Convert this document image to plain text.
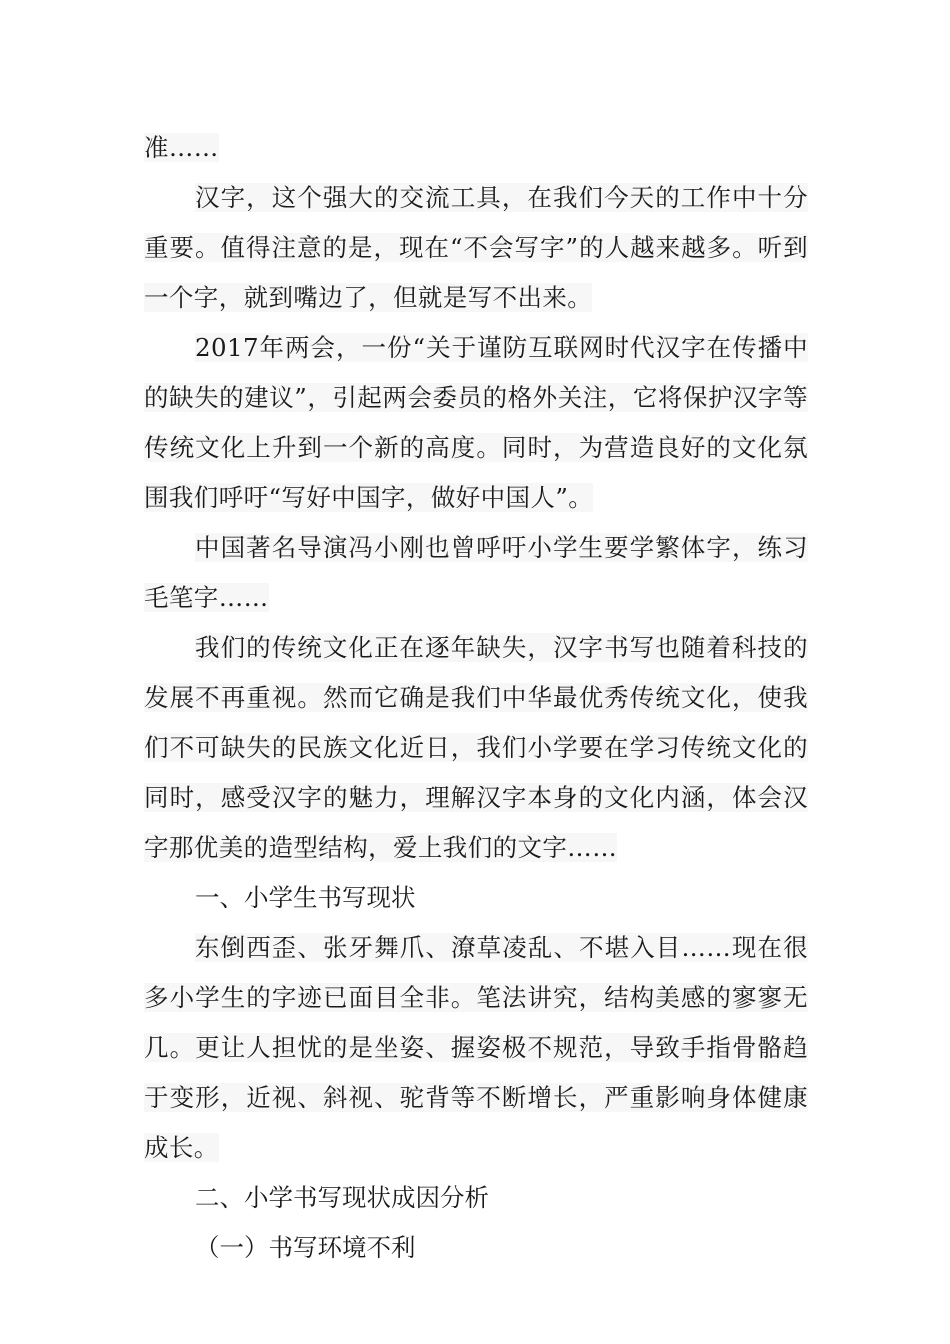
准……

汉字，这个强大的交流工具，在我们今天的工作中十分重要。值得注意的是，现在“不会写字”的人越来越多。听到一个字，就到嘴边了，但就是写不出来。

2017年两会，一份“关于谨防互联网时代汉字在传播中的缺失的建议”，引起两会委员的格外关注，它将保护汉字等传统文化上升到一个新的高度。同时，为营造良好的文化氛围我们呼吁“写好中国字，做好中国人”。

中国著名导演冯小刚也曾呼吁小学生要学繁体字，练习毛笔字……

我们的传统文化正在逐年缺失，汉字书写也随着科技的发展不再重视。然而它确是我们中华最优秀传统文化，使我们不可缺失的民族文化近日，我们小学要在学习传统文化的同时，感受汉字的魅力，理解汉字本身的文化内涵，体会汉字那优美的造型结构，爱上我们的文字……

一、小学生书写现状

东倒西歪、张牙舞爪、潦草凌乱、不堪入目……现在很多小学生的字迹已面目全非。笔法讲究，结构美感的寥寥无几。更让人担忧的是坐姿、握姿极不规范，导致手指骨骼趋于变形，近视、斜视、驼背等不断增长，严重影响身体健康成长。

二、小学书写现状成因分析

（一）书写环境不利
